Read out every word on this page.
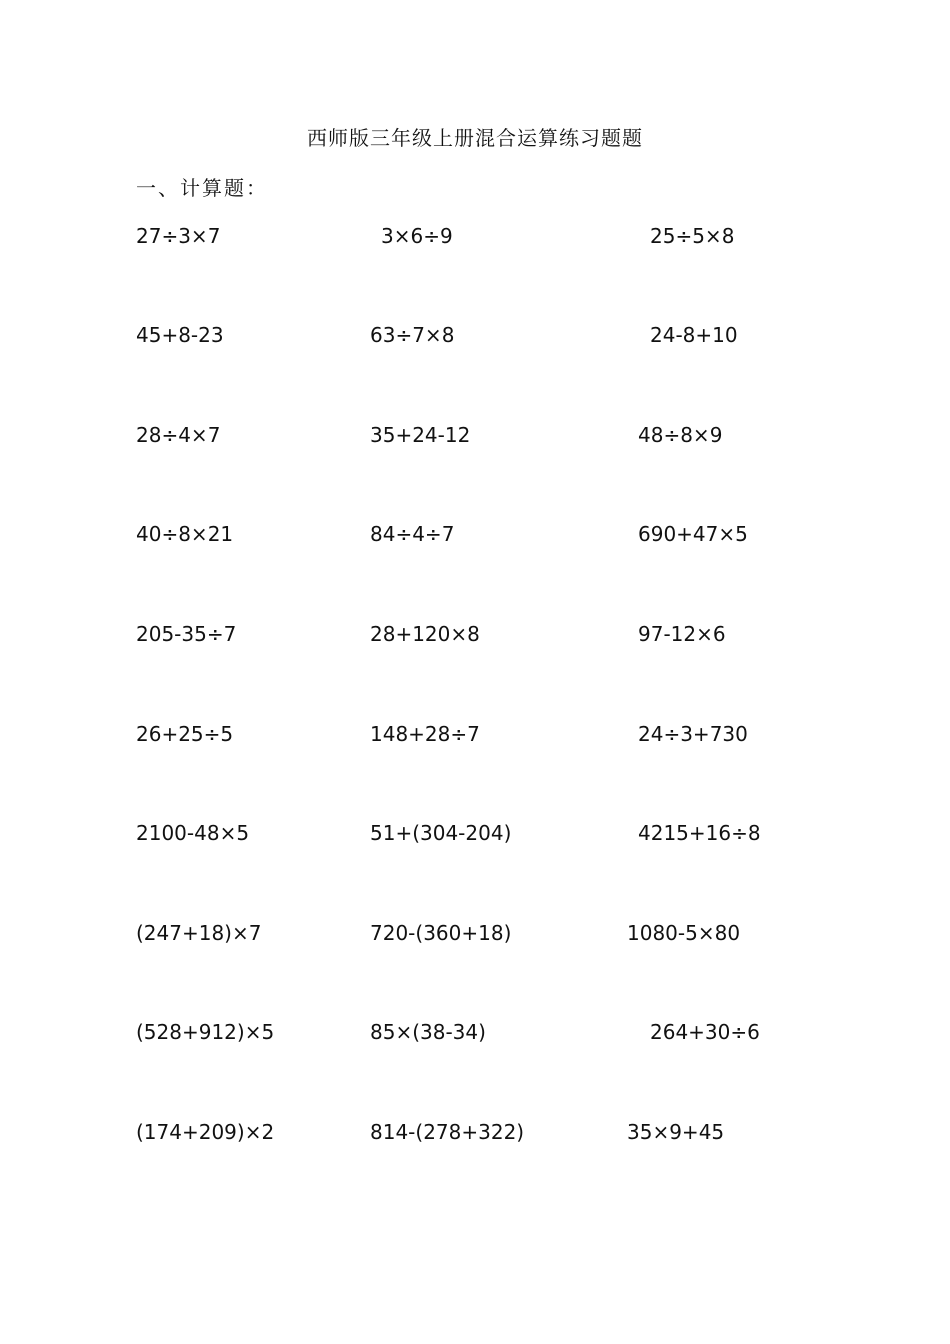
西师版三年级上册混合运算练习题题
一、计算题：
27÷3×7	3×6÷9	25÷5×8
45+8-23	63÷7×8	24-8+10
28÷4×7	35+24-12	48÷8×9
40÷8×21	84÷4÷7	690+47×5
205-35÷7	28+120×8	97-12×6
26+25÷5	148+28÷7	24÷3+730
2100-48×5	51+(304-204)	4215+16÷8
(247+18)×7	720-(360+18)	1080-5×80
(528+912)×5	85×(38-34)	264+30÷6
(174+209)×2	814-(278+322)	35×9+45
